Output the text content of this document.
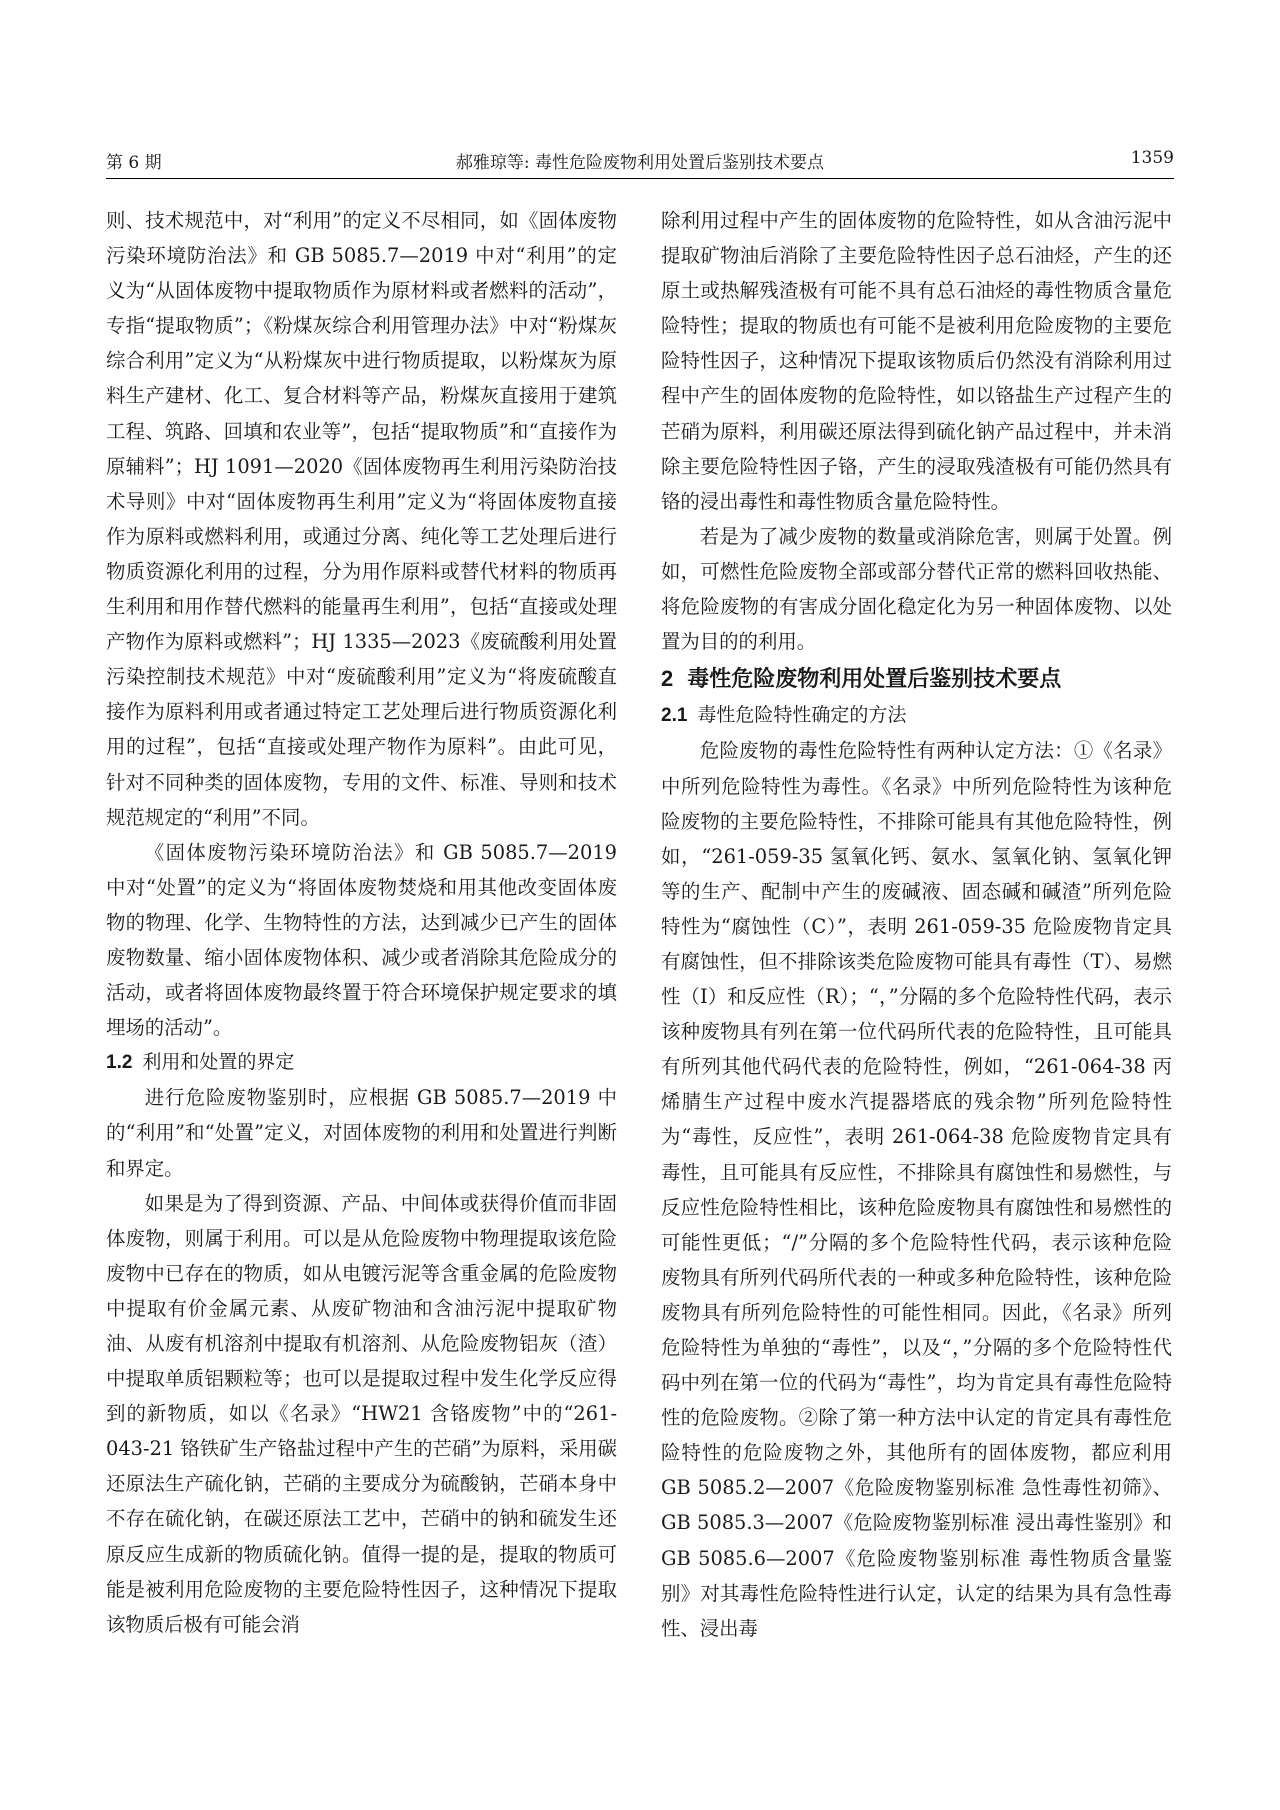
第 6 期	郝雅琼等: 毒性危险废物利用处置后鉴别技术要点	1359

则、技术规范中，对“利用”的定义不尽相同，如《固体废物污染环境防治法》和 GB 5085.7—2019 中对“利用”的定义为“从固体废物中提取物质作为原材料或者燃料的活动”，专指“提取物质”；《粉煤灰综合利用管理办法》中对“粉煤灰综合利用”定义为“从粉煤灰中进行物质提取，以粉煤灰为原料生产建材、化工、复合材料等产品，粉煤灰直接用于建筑工程、筑路、回填和农业等”，包括“提取物质”和“直接作为原辅料”；HJ 1091—2020《固体废物再生利用污染防治技术导则》中对“固体废物再生利用”定义为“将固体废物直接作为原料或燃料利用，或通过分离、纯化等工艺处理后进行物质资源化利用的过程，分为用作原料或替代材料的物质再生利用和用作替代燃料的能量再生利用”，包括“直接或处理产物作为原料或燃料”；HJ 1335—2023《废硫酸利用处置污染控制技术规范》中对“废硫酸利用”定义为“将废硫酸直接作为原料利用或者通过特定工艺处理后进行物质资源化利用的过程”，包括“直接或处理产物作为原料”。由此可见，针对不同种类的固体废物，专用的文件、标准、导则和技术规范规定的“利用”不同。

《固体废物污染环境防治法》和 GB 5085.7—2019 中对“处置”的定义为“将固体废物焚烧和用其他改变固体废物的物理、化学、生物特性的方法，达到减少已产生的固体废物数量、缩小固体废物体积、减少或者消除其危险成分的活动，或者将固体废物最终置于符合环境保护规定要求的填埋场的活动”。

1.2 利用和处置的界定

进行危险废物鉴别时，应根据 GB 5085.7—2019 中的“利用”和“处置”定义，对固体废物的利用和处置进行判断和界定。

如果是为了得到资源、产品、中间体或获得价值而非固体废物，则属于利用。可以是从危险废物中物理提取该危险废物中已存在的物质，如从电镀污泥等含重金属的危险废物中提取有价金属元素、从废矿物油和含油污泥中提取矿物油、从废有机溶剂中提取有机溶剂、从危险废物铝灰（渣）中提取单质铝颗粒等；也可以是提取过程中发生化学反应得到的新物质，如以《名录》“HW21 含铬废物”中的“261-043-21 铬铁矿生产铬盐过程中产生的芒硝”为原料，采用碳还原法生产硫化钠，芒硝的主要成分为硫酸钠，芒硝本身中不存在硫化钠，在碳还原法工艺中，芒硝中的钠和硫发生还原反应生成新的物质硫化钠。值得一提的是，提取的物质可能是被利用危险废物的主要危险特性因子，这种情况下提取该物质后极有可能会消

除利用过程中产生的固体废物的危险特性，如从含油污泥中提取矿物油后消除了主要危险特性因子总石油烃，产生的还原土或热解残渣极有可能不具有总石油烃的毒性物质含量危险特性；提取的物质也有可能不是被利用危险废物的主要危险特性因子，这种情况下提取该物质后仍然没有消除利用过程中产生的固体废物的危险特性，如以铬盐生产过程产生的芒硝为原料，利用碳还原法得到硫化钠产品过程中，并未消除主要危险特性因子铬，产生的浸取残渣极有可能仍然具有铬的浸出毒性和毒性物质含量危险特性。

若是为了减少废物的数量或消除危害，则属于处置。例如，可燃性危险废物全部或部分替代正常的燃料回收热能、将危险废物的有害成分固化稳定化为另一种固体废物、以处置为目的的利用。

2 毒性危险废物利用处置后鉴别技术要点
2.1 毒性危险特性确定的方法

危险废物的毒性危险特性有两种认定方法：①《名录》中所列危险特性为毒性。《名录》中所列危险特性为该种危险废物的主要危险特性，不排除可能具有其他危险特性，例如，“261-059-35 氢氧化钙、氨水、氢氧化钠、氢氧化钾等的生产、配制中产生的废碱液、固态碱和碱渣”所列危险特性为“腐蚀性（C）”，表明 261-059-35 危险废物肯定具有腐蚀性，但不排除该类危险废物可能具有毒性（T）、易燃性（I）和反应性（R）；“，”分隔的多个危险特性代码，表示该种废物具有列在第一位代码所代表的危险特性，且可能具有所列其他代码代表的危险特性，例如，“261-064-38 丙烯腈生产过程中废水汽提器塔底的残余物”所列危险特性为“毒性，反应性”，表明 261-064-38 危险废物肯定具有毒性，且可能具有反应性，不排除具有腐蚀性和易燃性，与反应性危险特性相比，该种危险废物具有腐蚀性和易燃性的可能性更低；“/”分隔的多个危险特性代码，表示该种危险废物具有所列代码所代表的一种或多种危险特性，该种危险废物具有所列危险特性的可能性相同。因此，《名录》所列危险特性为单独的“毒性”，以及“，”分隔的多个危险特性代码中列在第一位的代码为“毒性”，均为肯定具有毒性危险特性的危险废物。②除了第一种方法中认定的肯定具有毒性危险特性的危险废物之外，其他所有的固体废物，都应利用 GB 5085.2—2007《危险废物鉴别标准 急性毒性初筛》、GB 5085.3—2007《危险废物鉴别标准 浸出毒性鉴别》和 GB 5085.6—2007《危险废物鉴别标准 毒性物质含量鉴别》对其毒性危险特性进行认定，认定的结果为具有急性毒性、浸出毒
